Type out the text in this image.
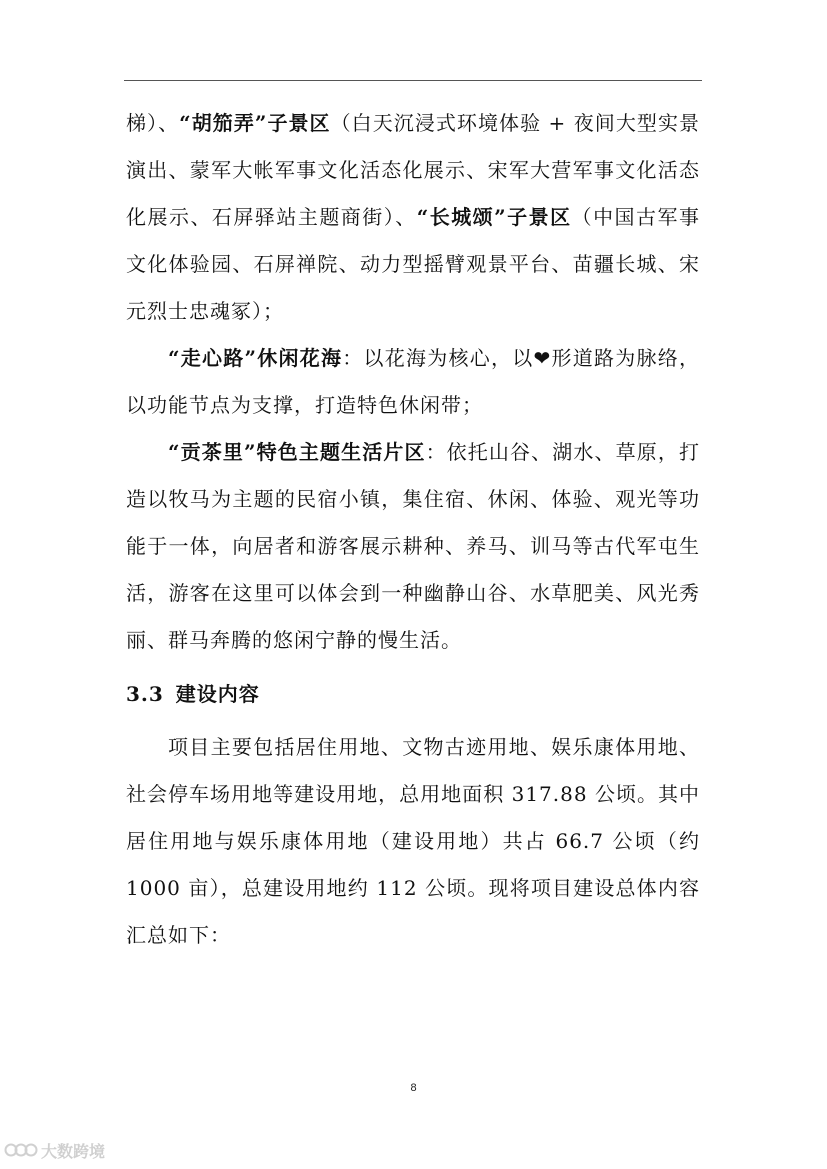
梯）、“胡笳弄”子景区（白天沉浸式环境体验 + 夜间大型实景演出、蒙军大帐军事文化活态化展示、宋军大营军事文化活态化展示、石屏驿站主题商街）、“长城颂”子景区（中国古军事文化体验园、石屏禅院、动力型摇臂观景平台、苗疆长城、宋元烈士忠魂冢）；

“走心路”休闲花海：以花海为核心，以❤形道路为脉络，以功能节点为支撑，打造特色休闲带；

“贡茶里”特色主题生活片区：依托山谷、湖水、草原，打造以牧马为主题的民宿小镇，集住宿、休闲、体验、观光等功能于一体，向居者和游客展示耕种、养马、训马等古代军屯生活，游客在这里可以体会到一种幽静山谷、水草肥美、风光秀丽、群马奔腾的悠闲宁静的慢生活。

3.3 建设内容

项目主要包括居住用地、文物古迹用地、娱乐康体用地、社会停车场用地等建设用地，总用地面积 317.88 公顷。其中居住用地与娱乐康体用地（建设用地）共占 66.7 公顷（约 1000 亩），总建设用地约 112 公顷。现将项目建设总体内容汇总如下：

8
大数跨境
